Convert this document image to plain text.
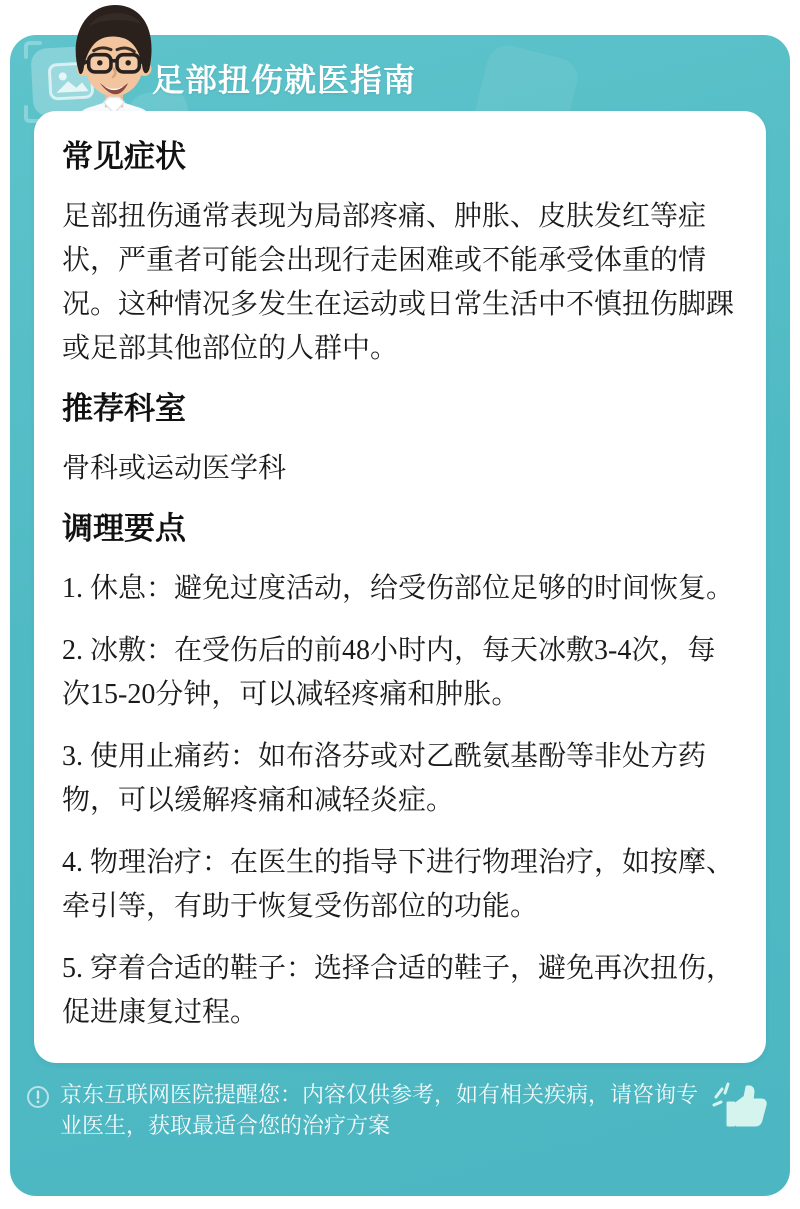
足部扭伤就医指南
常见症状

足部扭伤通常表现为局部疼痛、肿胀、皮肤发红等症状，严重者可能会出现行走困难或不能承受体重的情况。这种情况多发生在运动或日常生活中不慎扭伤脚踝或足部其他部位的人群中。

推荐科室

骨科或运动医学科

调理要点

1. 休息：避免过度活动，给受伤部位足够的时间恢复。

2. 冰敷：在受伤后的前48小时内，每天冰敷3-4次，每次15-20分钟，可以减轻疼痛和肿胀。

3. 使用止痛药：如布洛芬或对乙酰氨基酚等非处方药物，可以缓解疼痛和减轻炎症。

4. 物理治疗：在医生的指导下进行物理治疗，如按摩、牵引等，有助于恢复受伤部位的功能。

5. 穿着合适的鞋子：选择合适的鞋子，避免再次扭伤，促进康复过程。

京东互联网医院提醒您：内容仅供参考，如有相关疾病，请咨询专业医生，获取最适合您的治疗方案
